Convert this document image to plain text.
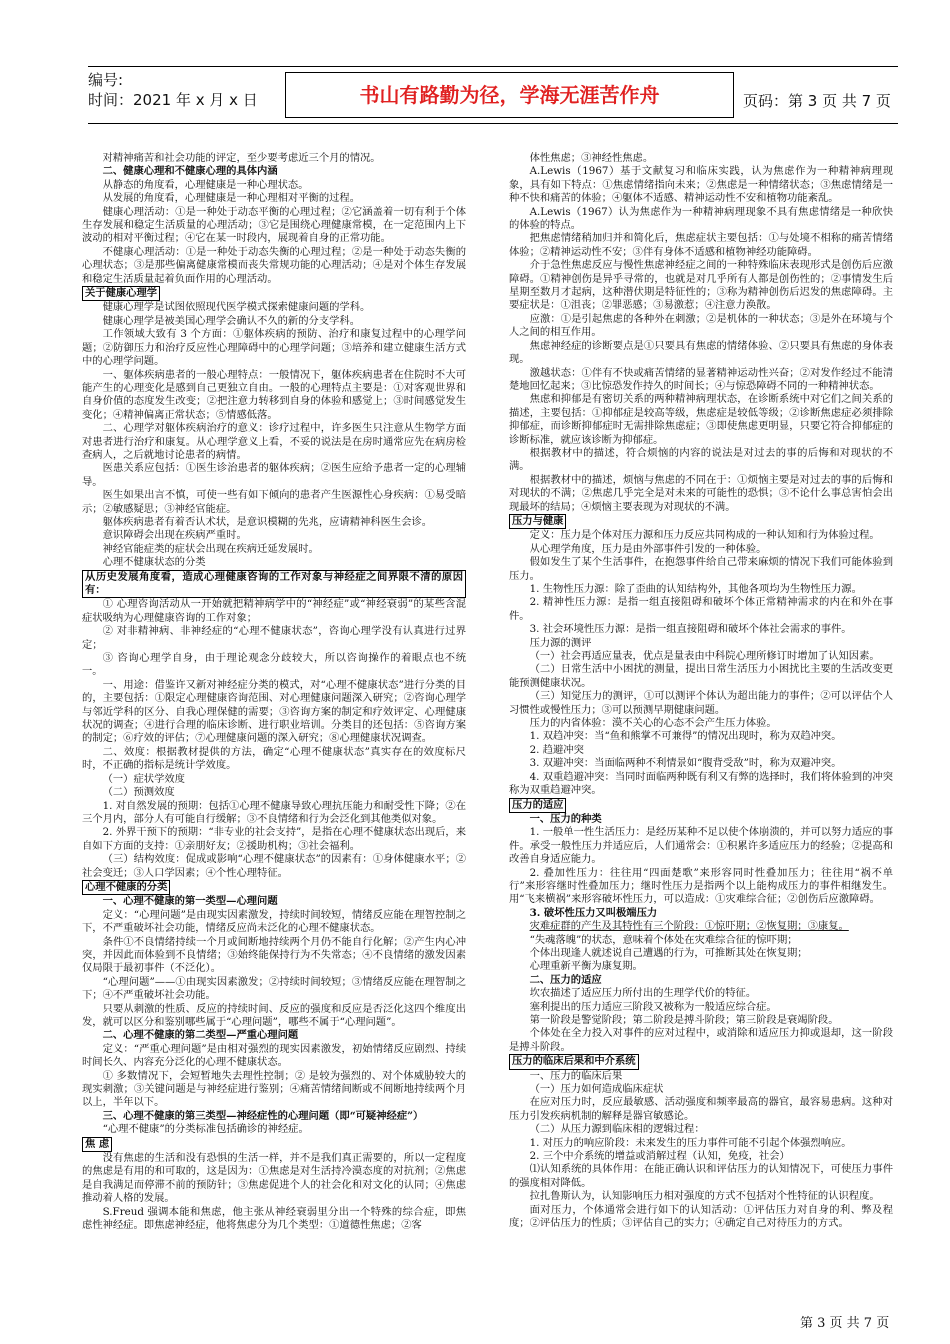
编号:
时间：2021 年 x 月 x 日	书山有路勤为径，学海无涯苦作舟	页码：第 3 页 共 7 页

对精神痛苦和社会功能的评定，至少要考虑近三个月的情况。

二、健康心理和不健康心理的具体内涵

从静态的角度看，心理健康是一种心理状态。

从发展的角度看，心理健康是一种心理相对平衡的过程。

健康心理活动：①是一种处于动态平衡的心理过程；②它涵盖着一切有利于个体生存发展和稳定生活质量的心理活动；③它是围绕心理健康常模，在一定范围内上下波动的相对平衡过程；④它在某一时段内，展现着自身的正常功能。

不健康心理活动：①是一种处于动态失衡的心理过程；②是一种处于动态失衡的心理状态；③是那些偏离健康常模而丧失常规功能的心理活动；④是对个体生存发展和稳定生活质量起着负面作用的心理活动。

关于健康心理学

健康心理学是试图依照现代医学模式探索健康问题的学科。

健康心理学是被美国心理学会确认不久的新的分支学科。

工作领域大致有 3 个方面：①躯体疾病的预防、治疗和康复过程中的心理学问题；②防御压力和治疗反应性心理障碍中的心理学问题；③培养和建立健康生活方式中的心理学问题。

一、躯体疾病患者的一般心理特点：一般情况下，躯体疾病患者在住院时不大可能产生的心理变化是感到自己更独立自由。一般的心理特点主要是：①对客观世界和自身价值的态度发生改变；②把注意力转移到自身的体验和感觉上；③时间感觉发生变化；④精神偏离正常状态；⑤情感低落。

二、心理学对躯体疾病治疗的意义：诊疗过程中，许多医生只注意从生物学方面对患者进行治疗和康复。从心理学意义上看，不妥的说法是在房时通常应先在病房检查病人，之后就地讨论患者的病情。

医患关系应包括：①医生诊治患者的躯体疾病；②医生应给予患者一定的心理辅导。

医生如果出言不慎，可使一些有如下倾向的患者产生医源性心身疾病：①易受暗示；②敏感疑思；③神经官能症。

躯体疾病患者有着否认术状，是意识模糊的先兆，应请精神科医生会诊。

意识障碍会出现在疾病严重时。

神经官能症类的症状会出现在疾病迁延发展时。

心理不健康状态的分类

从历史发展角度看，造成心理健康咨询的工作对象与神经症之间界限不清的原因有：

① 心理咨询活动从一开始就把精神病学中的“神经症”或“神经衰弱”的某些含混症状吸纳为心理健康咨询的工作对象；

② 对非精神病、非神经症的“心理不健康状态”，咨询心理学没有认真进行过界定；

③ 咨询心理学自身，由于理论观念分歧较大，所以咨询操作的着眼点也不统一。

一、用途：借鉴许又新对神经症分类的模式，对“心理不健康状态”进行分类的目的，主要包括：①限定心理健康咨询范围、对心理健康问题深入研究；②咨询心理学与邻近学科的区分、自我心理保健的需要；③咨询方案的制定和疗效评定、心理健康状况的调查；④进行合理的临床诊断、进行职业培训。分类目的还包括：⑤咨询方案的制定；⑥疗效的评估；⑦心理健康问题的深入研究；⑧心理健康状况调查。

二、效度：根据教材提供的方法，确定“心理不健康状态”真实存在的效度标尺时，不正确的指标是统计学效度。

（一）症状学效度

（二）预测效度

1. 对自然发展的预期：包括①心理不健康导致心理抗压能力和耐受性下降；②在三个月内，部分人有可能自行缓解；③不良情绪和行为会泛化到其他类似对象。

2. 外界干预下的预期：“非专业的社会支持”，是指在心理不健康状态出现后，来自如下方面的支持：①亲朋好友；②援助机构；③社会福利。

（三）结构效度：促成或影响“心理不健康状态”的因素有：①身体健康水平；②社会变迁；③人口学因素；④个性心理特征。

心理不健康的分类

一、心理不健康的第一类型—心理问题

定义：“心理问题”是由现实因素激发，持续时间较短，情绪反应能在理智控制之下，不严重破坏社会功能，情绪反应尚未泛化的心理不健康状态。

条件①不良情绪持续一个月或间断地持续两个月仍不能自行化解；②产生内心冲突，并因此而体验到不良情绪；③始终能保持行为不失常态；④不良情绪的激发因素仅局限于最初事件（不泛化）。

“心理问题”——①由现实因素激发；②持续时间较短；③情绪反应能在理智制之下；④不严重破坏社会功能。

只要从刺激的性质、反应的持续时间、反应的强度和反应是否泛化这四个维度出发，就可以区分和鉴别哪些属于“心理问题”，哪些不属于“心理问题”。

二、心理不健康的第二类型—严重心理问题

定义：“严重心理问题”是由相对强烈的现实因素激发，初始情绪反应剧烈、持续时间长久、内容充分泛化的心理不健康状态。

① 多数情况下，会短暂地失去理性控制；② 是较为强烈的、对个体威胁较大的现实刺激；③关键问题是与神经症进行鉴别；④痛苦情绪间断或不间断地持续两个月以上，半年以下。

三、心理不健康的第三类型—神经症性的心理问题（即“可疑神经症”）

“心理不健康”的分类标准包括确诊的神经症。

焦 虑

没有焦虑的生活和没有恐惧的生活一样，并不是我们真正需要的，所以一定程度的焦虑是有用的和可取的，这是因为：①焦虑是对生活持冷漠态度的对抗剂；②焦虑是自我满足而停滞不前的预防针；③焦虑促进个人的社会化和对文化的认同；④焦虑推动着人格的发展。

S.Freud 强调本能和焦虑，他主张从神经衰弱里分出一个特殊的综合症，即焦虑性神经症。即焦虑神经症，他将焦虑分为几个类型：①道德性焦虑；②客

体性焦虑；③神经性焦虑。

A.Lewis（1967）基于文献复习和临床实践，认为焦虑作为一种精神病理现象，具有如下特点：①焦虑情绪指向未来；②焦虑是一种情绪状态；③焦虑情绪是一种不快和痛苦的体验；④躯体不适感、精神运动性不安和植物功能紊乱。

A.Lewis（1967）认为焦虑作为一种精神病理现象不具有焦虑情绪是一种欣快的体验的特点。

把焦虑情绪稍加归并和简化后，焦虑症状主要包括：①与处境不相称的痛苦情绪体验；②精神运动性不安；③伴有身体不适感和植物神经功能障碍。

介于急性焦虑反应与慢性焦虑神经症之间的一种特殊临床表现形式是创伤后应激障碍。①精神创伤是异乎寻常的，也就是对几乎所有人都是创伤性的；②事情发生后星期至数月才起病，这种潜伏期是特征性的；③称为精神创伤后迟发的焦虑障碍。主要症状是：①沮丧；②罪恶感；③易激惹；④注意力涣散。

应激：①是引起焦虑的各种外在刺激；②是机体的一种状态；③是外在环境与个人之间的相互作用。

焦虑神经症的诊断要点是①只要具有焦虑的情绪体验、②只要具有焦虑的身体表现。

激越状态：①伴有不快或痛苦情绪的显著精神运动性兴奋；②对发作经过不能清楚地回忆起来；③比惊恐发作持久的时间长；④与惊恐障碍不同的一种精神状态。

焦虑和抑郁是有密切关系的两种精神病理状态，在诊断系统中对它们之间关系的描述，主要包括：①抑郁症是较高等级，焦虑症是较低等级；②诊断焦虑症必须排除抑郁症，而诊断抑郁症时无需排除焦虑症；③即使焦虑更明显，只要它符合抑郁症的诊断标准，就应该诊断为抑郁症。

根据教材中的描述，符合烦恼的内容的说法是对过去的事的后悔和对现状的不满。

根据教材中的描述，烦恼与焦虑的不同在于：①烦恼主要是对过去的事的后悔和对现状的不满；②焦虑几乎完全是对未来的可能性的恐惧；③不论什么事总害怕会出现最坏的结局；④烦恼主要表现为对现状的不满。

压力与健康

定义：压力是个体对压力源和压力反应共同构成的一种认知和行为体验过程。

从心理学角度，压力是由外部事件引发的一种体验。

假如发生了某个生活事件，在抱怨事件给自己带来麻烦的情况下我们可能体验到压力。

1. 生物性压力源：除了歪曲的认知结构外，其他各项均为生物性压力源。

2. 精神性压力源：是指一组直接阻碍和破坏个体正常精神需求的内在和外在事件。

3. 社会环境性压力源：是指一组直接阻碍和破坏个体社会需求的事件。

压力源的测评

（一）社会再适应量表，优点是量表由中科院心理所修订时增加了认知因素。

（二）日常生活中小困扰的测量，提出日常生活压力小困扰比主要的生活改变更能预测健康状况。

（三）知觉压力的测评，①可以测评个体认为超出能力的事件；②可以评估个人习惯性或慢性压力；③可以预测早期健康问题。

压力的内省体验：漠不关心的心态不会产生压力体验。

1. 双趋冲突：当“鱼和熊掌不可兼得”的情况出现时，称为双趋冲突。

2. 趋避冲突

3. 双避冲突：当面临两种不利情景如“腹背受敌”时，称为双避冲突。

4. 双重趋避冲突：当同时面临两种既有利又有弊的选择时，我们将体验到的冲突称为双重趋避冲突。

压力的适应

一、压力的种类

1. 一般单一性生活压力：是经历某种不足以使个体崩溃的，并可以努力适应的事件。承受一般性压力并适应后，人们通常会：①积累许多适应压力的经验；②提高和改善自身适应能力。

2. 叠加性压力：往往用“四面楚歌”来形容同时性叠加压力；往往用“祸不单行”来形容继时性叠加压力；继时性压力是指两个以上能构成压力的事件相继发生。用“飞来横祸”来形容破坏性压力，可以造成：①灾难综合征；②创伤后应激障碍。

3. 破坏性压力又叫极端压力

灾难症群的产生及其特性有三个阶段：①惊吓期；②恢复期；③康复。

“失魂落魄”的状态，意味着个体处在灾难综合征的惊吓期；

个体出现逢人就述说自己遭遇的行为，可推断其处在恢复期；

心理重新平衡为康复期。

二、压力的适应

坎农描述了适应压力所付出的生理学代价的特征。

塞利提出的压力适应三阶段又被称为一般适应综合症。

第一阶段是警觉阶段；第二阶段是搏斗阶段；第三阶段是衰竭阶段。

个体处在全力投入对事件的应对过程中，或消除和适应压力抑或退却，这一阶段是搏斗阶段。

压力的临床后果和中介系统

一、压力的临床后果

（一）压力如何造成临床症状

在应对压力时，反应最敏感、活动强度和频率最高的器官，最容易患病。这种对压力引发疾病机制的解释是器官敏感论。

（二）从压力源到临床相的逻辑过程：

1. 对压力的响应阶段：未来发生的压力事件可能不引起个体强烈响应。

2. 三个中介系统的增益或消解过程（认知，免疫，社会）

⑴认知系统的具体作用：在能正确认识和评估压力的认知情况下，可使压力事件的强度相对降低。

拉扎鲁斯认为，认知影响压力相对强度的方式不包括对个性特征的认识程度。

面对压力，个体通常会进行如下的认知活动：①评估压力对自身的利、弊及程度；②评估压力的性质；③评估自己的实力；④确定自己对待压力的方式。

第 3 页 共 7 页
